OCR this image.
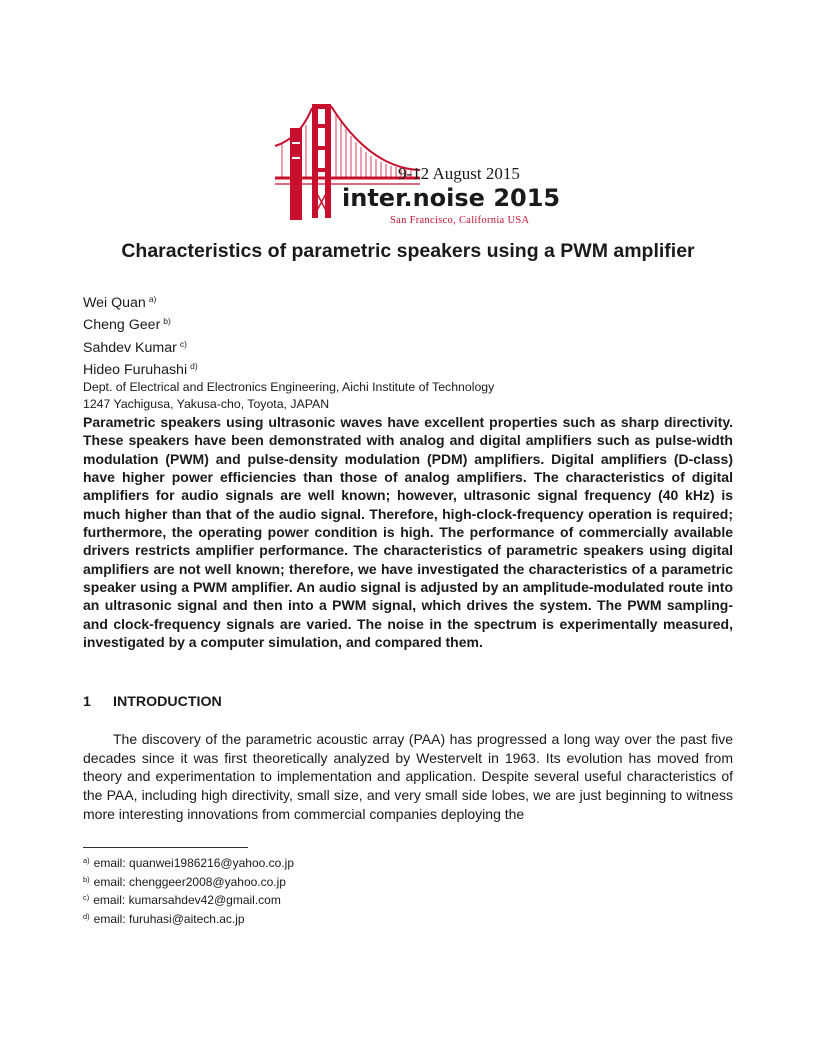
9-12 August 2015
inter.noise 2015
San Francisco, California USA
Characteristics of parametric speakers using a PWM amplifier
Wei Quan $^{a)}$
Cheng Geer $^{b)}$
Sahdev Kumar $^{c)}$
Hideo Furuhashi $^{d)}$
Dept. of Electrical and Electronics Engineering, Aichi Institute of Technology
1247 Yachigusa, Yakusa-cho, Toyota, JAPAN

Parametric speakers using ultrasonic waves have excellent properties such as sharp directivity. These speakers have been demonstrated with analog and digital amplifiers such as pulse-width modulation (PWM) and pulse-density modulation (PDM) amplifiers. Digital amplifiers (D-class) have higher power efficiencies than those of analog amplifiers. The characteristics of digital amplifiers for audio signals are well known; however, ultrasonic signal frequency (40 kHz) is much higher than that of the audio signal. Therefore, high-clock-frequency operation is required; furthermore, the operating power condition is high. The performance of commercially available drivers restricts amplifier performance. The characteristics of parametric speakers using digital amplifiers are not well known; therefore, we have investigated the characteristics of a parametric speaker using a PWM amplifier. An audio signal is adjusted by an amplitude-modulated route into an ultrasonic signal and then into a PWM signal, which drives the system. The PWM sampling- and clock-frequency signals are varied. The noise in the spectrum is experimentally measured, investigated by a computer simulation, and compared them.

1 INTRODUCTION

The discovery of the parametric acoustic array (PAA) has progressed a long way over the past five decades since it was first theoretically analyzed by Westervelt in 1963. Its evolution has moved from theory and experimentation to implementation and application. Despite several useful characteristics of the PAA, including high directivity, small size, and very small side lobes, we are just beginning to witness more interesting innovations from commercial companies deploying the

$^{a)}$ email: quanwei1986216@yahoo.co.jp
$^{b)}$ email: chenggeer2008@yahoo.co.jp
$^{c)}$ email: kumarsahdev42@gmail.com
$^{d)}$ email: furuhasi@aitech.ac.jp
